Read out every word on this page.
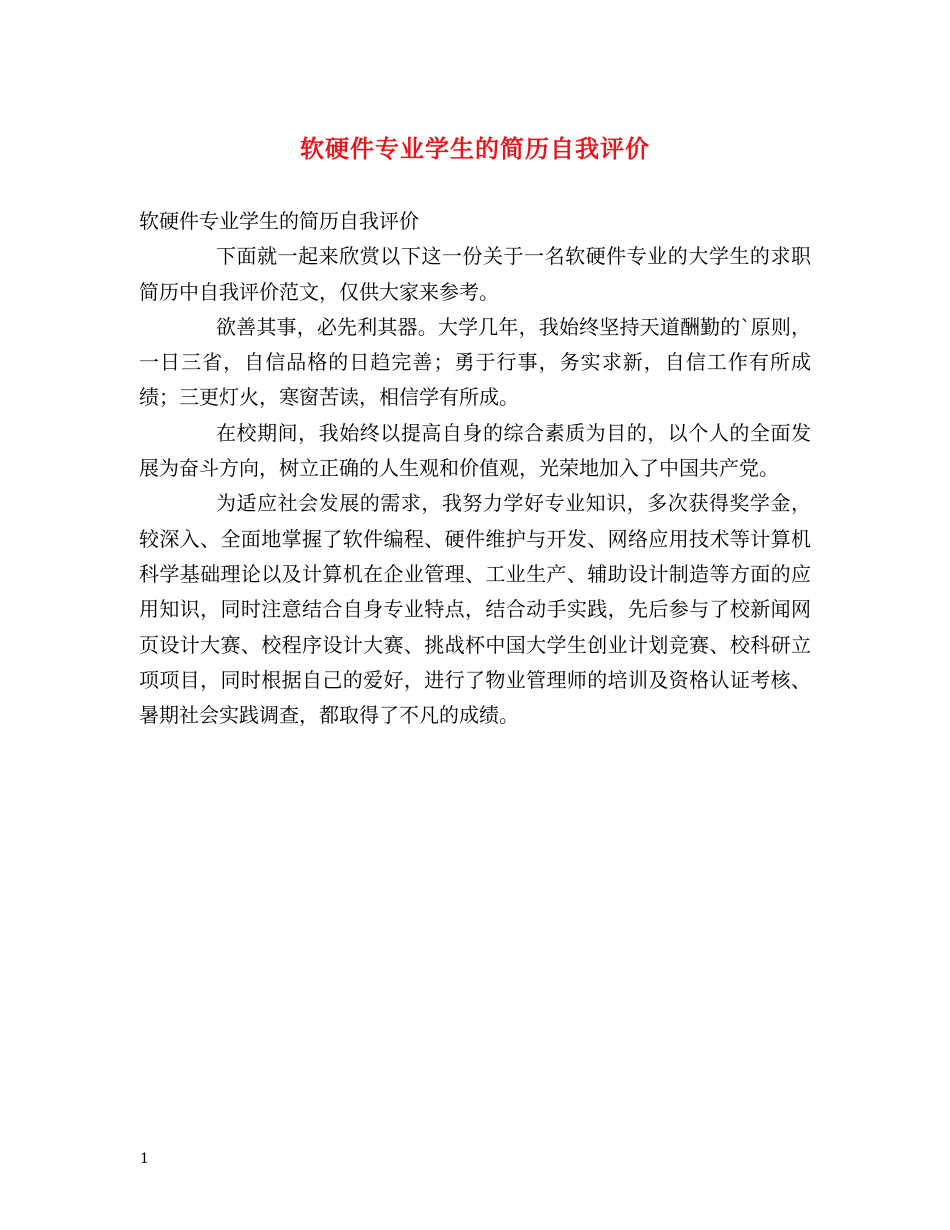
软硬件专业学生的简历自我评价

软硬件专业学生的简历自我评价

下面就一起来欣赏以下这一份关于一名软硬件专业的大学生的求职简历中自我评价范文，仅供大家来参考。

欲善其事，必先利其器。大学几年，我始终坚持天道酬勤的`原则，一日三省，自信品格的日趋完善；勇于行事，务实求新，自信工作有所成绩；三更灯火，寒窗苦读，相信学有所成。

在校期间，我始终以提高自身的综合素质为目的，以个人的全面发展为奋斗方向，树立正确的人生观和价值观，光荣地加入了中国共产党。

为适应社会发展的需求，我努力学好专业知识，多次获得奖学金，较深入、全面地掌握了软件编程、硬件维护与开发、网络应用技术等计算机科学基础理论以及计算机在企业管理、工业生产、辅助设计制造等方面的应用知识，同时注意结合自身专业特点，结合动手实践，先后参与了校新闻网页设计大赛、校程序设计大赛、挑战杯中国大学生创业计划竞赛、校科研立项项目，同时根据自己的爱好，进行了物业管理师的培训及资格认证考核、暑期社会实践调查，都取得了不凡的成绩。

1
